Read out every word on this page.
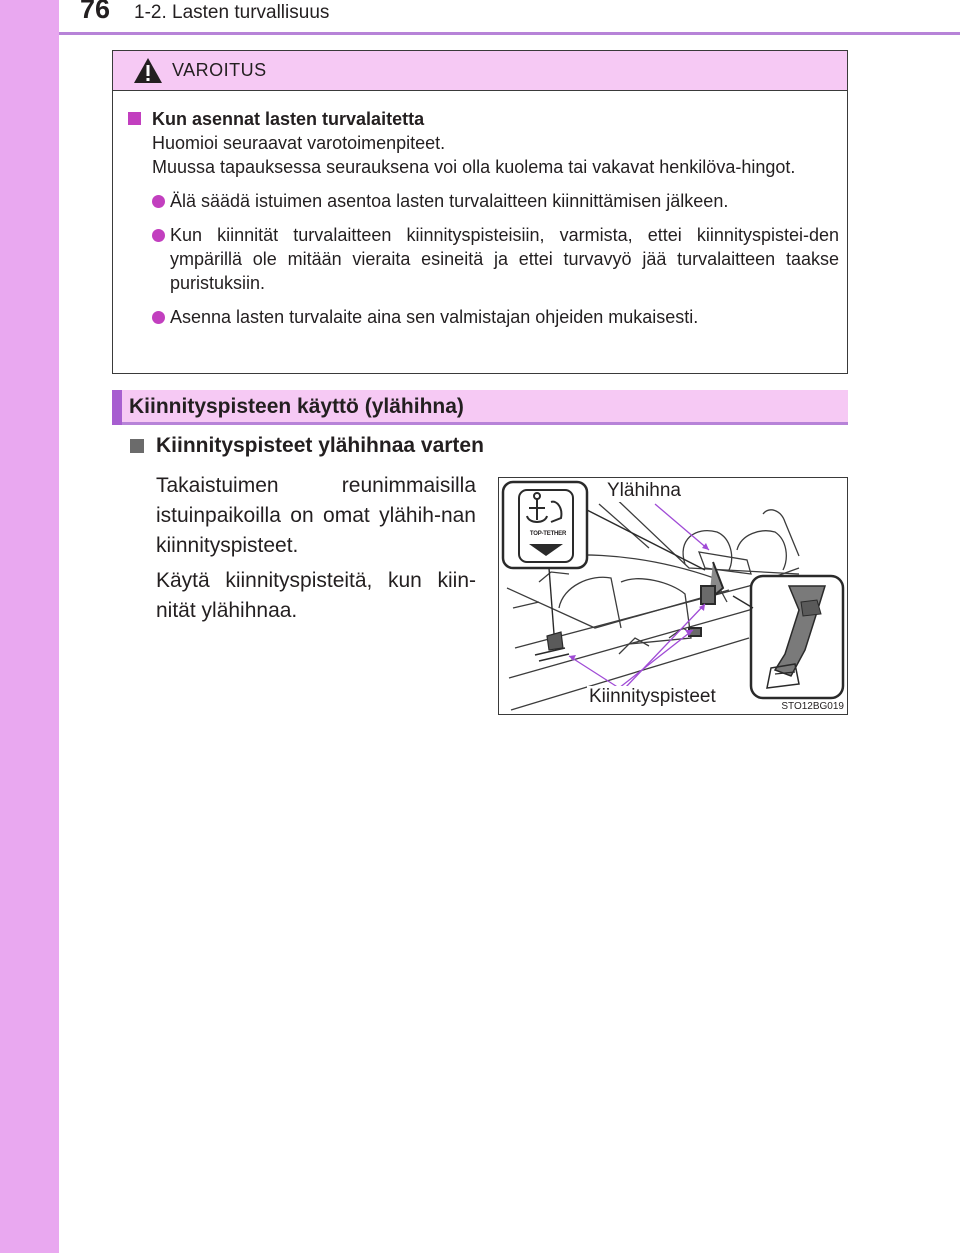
76 1-2. Lasten turvallisuus
VAROITUS
Kun asennat lasten turvalaitetta
Huomioi seuraavat varotoimenpiteet.
Muussa tapauksessa seurauksena voi olla kuolema tai vakavat henkilöva-hingot.
Älä säädä istuimen asentoa lasten turvalaitteen kiinnittämisen jälkeen.
Kun kiinnität turvalaitteen kiinnityspisteisiin, varmista, ettei kiinnityspistei-den ympärillä ole mitään vieraita esineitä ja ettei turvavyö jää turvalaitteen taakse puristuksiin.
Asenna lasten turvalaite aina sen valmistajan ohjeiden mukaisesti.
Kiinnityspisteen käyttö (ylähihna)
Kiinnityspisteet ylähihnaa varten
Takaistuimen reunimmaisilla istuinpaikoilla on omat ylähih-nan kiinnityspisteet.
Käytä kiinnityspisteitä, kun kiin-nität ylähihnaa.
TOP-TETHER
Ylähihna
Kiinnityspisteet	STO12BG019
